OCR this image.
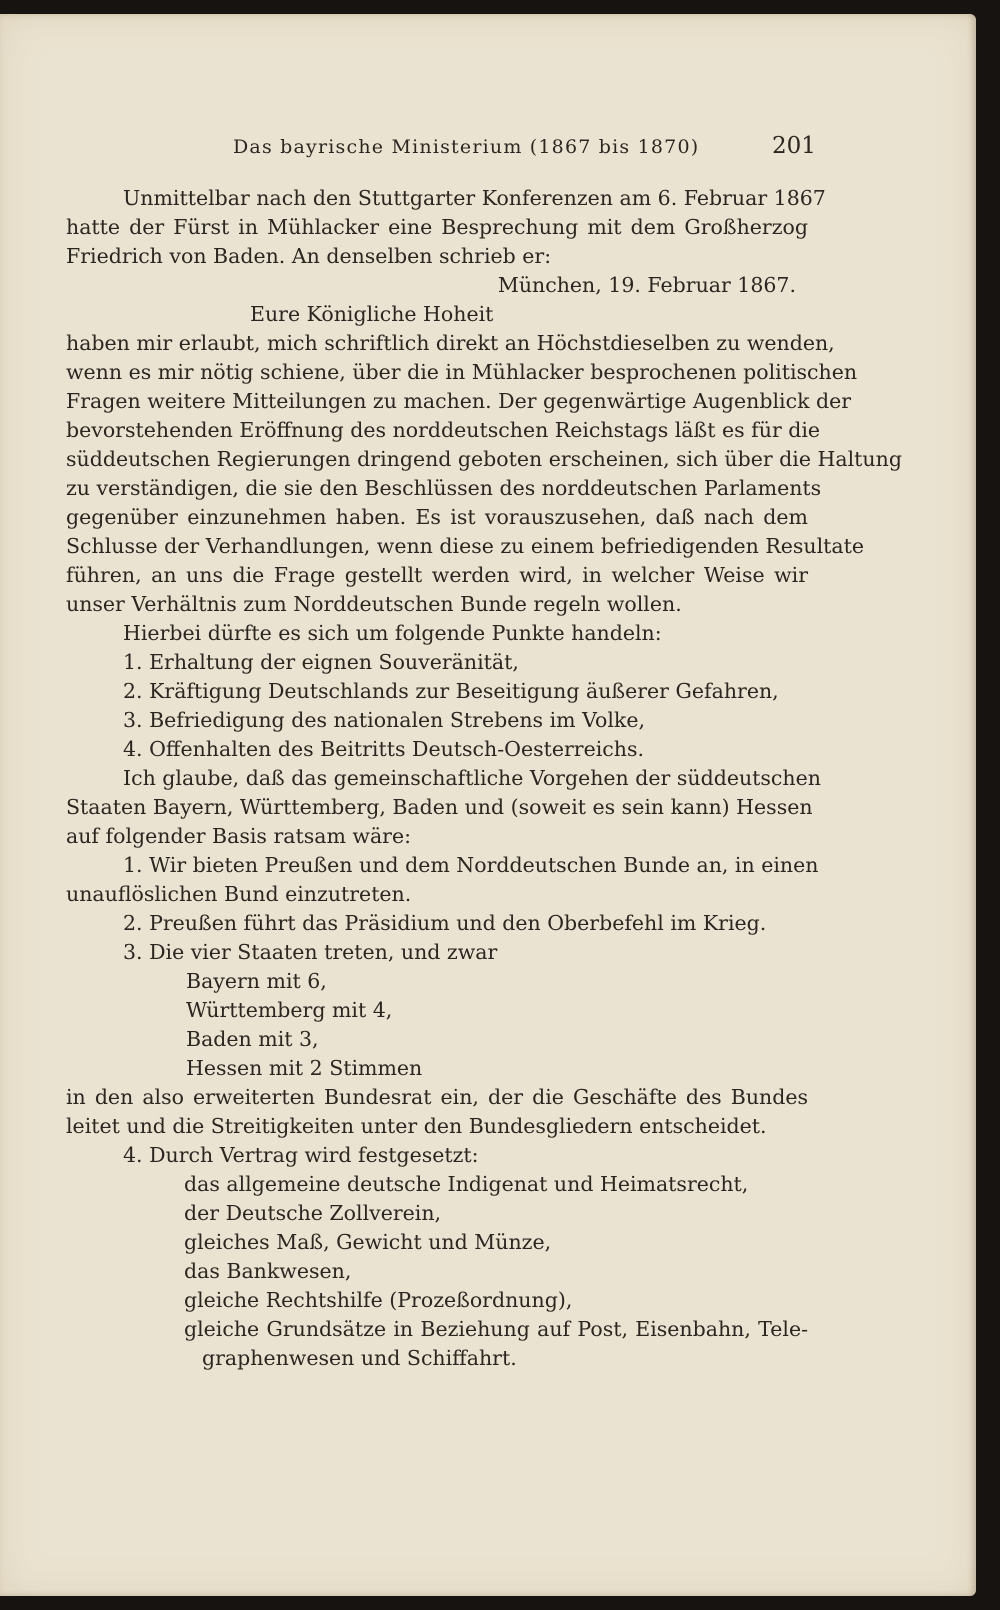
Das bayrische Ministerium (1867 bis 1870)	201
Unmittelbar nach den Stuttgarter Konferenzen am 6. Februar 1867
hatte der Fürst in Mühlacker eine Besprechung mit dem Großherzog
Friedrich von Baden. An denselben schrieb er:
München, 19. Februar 1867.
Eure Königliche Hoheit
haben mir erlaubt, mich schriftlich direkt an Höchstdieselben zu wenden,
wenn es mir nötig schiene, über die in Mühlacker besprochenen politischen
Fragen weitere Mitteilungen zu machen. Der gegenwärtige Augenblick der
bevorstehenden Eröffnung des norddeutschen Reichstags läßt es für die
süddeutschen Regierungen dringend geboten erscheinen, sich über die Haltung
zu verständigen, die sie den Beschlüssen des norddeutschen Parlaments
gegenüber einzunehmen haben. Es ist vorauszusehen, daß nach dem
Schlusse der Verhandlungen, wenn diese zu einem befriedigenden Resultate
führen, an uns die Frage gestellt werden wird, in welcher Weise wir
unser Verhältnis zum Norddeutschen Bunde regeln wollen.
Hierbei dürfte es sich um folgende Punkte handeln:
1. Erhaltung der eignen Souveränität,
2. Kräftigung Deutschlands zur Beseitigung äußerer Gefahren,
3. Befriedigung des nationalen Strebens im Volke,
4. Offenhalten des Beitritts Deutsch-Oesterreichs.
Ich glaube, daß das gemeinschaftliche Vorgehen der süddeutschen
Staaten Bayern, Württemberg, Baden und (soweit es sein kann) Hessen
auf folgender Basis ratsam wäre:
1. Wir bieten Preußen und dem Norddeutschen Bunde an, in einen
unauflöslichen Bund einzutreten.
2. Preußen führt das Präsidium und den Oberbefehl im Krieg.
3. Die vier Staaten treten, und zwar
Bayern mit 6,
Württemberg mit 4,
Baden mit 3,
Hessen mit 2 Stimmen
in den also erweiterten Bundesrat ein, der die Geschäfte des Bundes
leitet und die Streitigkeiten unter den Bundesgliedern entscheidet.
4. Durch Vertrag wird festgesetzt:
das allgemeine deutsche Indigenat und Heimatsrecht,
der Deutsche Zollverein,
gleiches Maß, Gewicht und Münze,
das Bankwesen,
gleiche Rechtshilfe (Prozeßordnung),
gleiche Grundsätze in Beziehung auf Post, Eisenbahn, Tele-
graphenwesen und Schiffahrt.
